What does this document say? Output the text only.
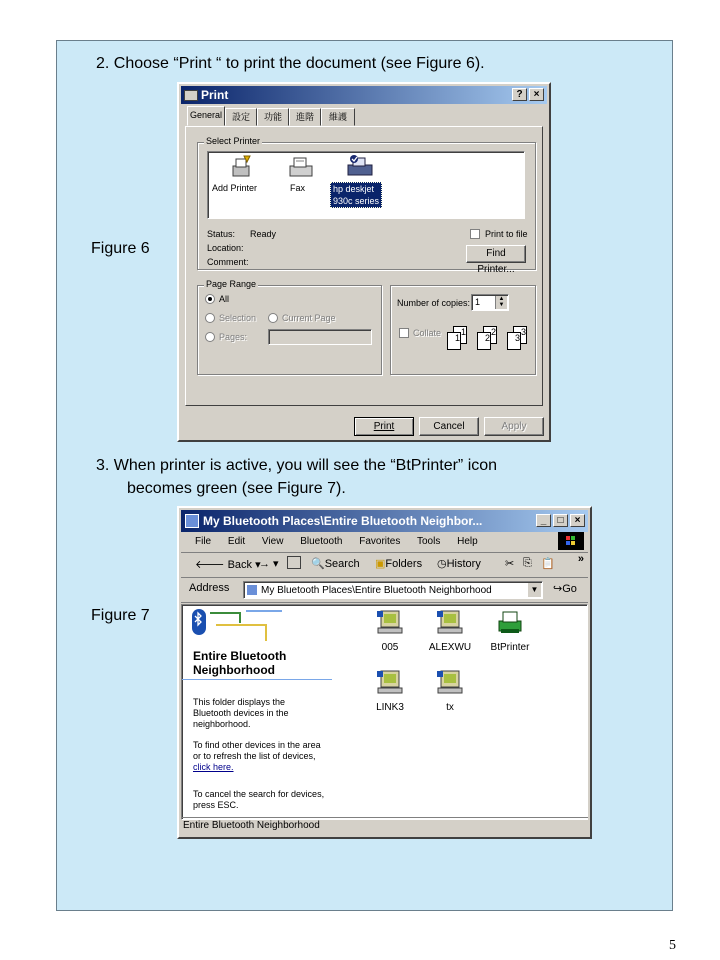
2. Choose “Print “ to print the document (see Figure 6).
Figure 6
Print	?	×
General	設定	功能	進階	維護
Select Printer
Add Printer	Fax	hp deskjet
930c series
Status: Ready
Location:
Comment:
Print to file
Find Printer...
Page Range
All
Selection	Current Page
Pages:
Number of copies: 1	▲
▼
Collate	1
1
2
2
3
3
Print	Cancel	Apply
3. When printer is active, you will see the “BtPrinter” icon
becomes green (see Figure 7).
Figure 7
My Bluetooth Places\Entire Bluetooth Neighbor...	_	□	×
File Edit View Bluetooth Favorites Tools Help
🡐 Back ▾
→ ▾	🔍Search ▣Folders ◷History ✂ ⎘ 📋 »
Address	My Bluetooth Places\Entire Bluetooth Neighborhood	▼ ↪Go
Entire Bluetooth
Neighborhood
This folder displays the Bluetooth devices in the neighborhood.
To find other devices in the area or to refresh the list of devices, click here.
To cancel the search for devices, press ESC.
005	ALEXWU	BtPrinter
LINK3	tx
Entire Bluetooth Neighborhood
5
